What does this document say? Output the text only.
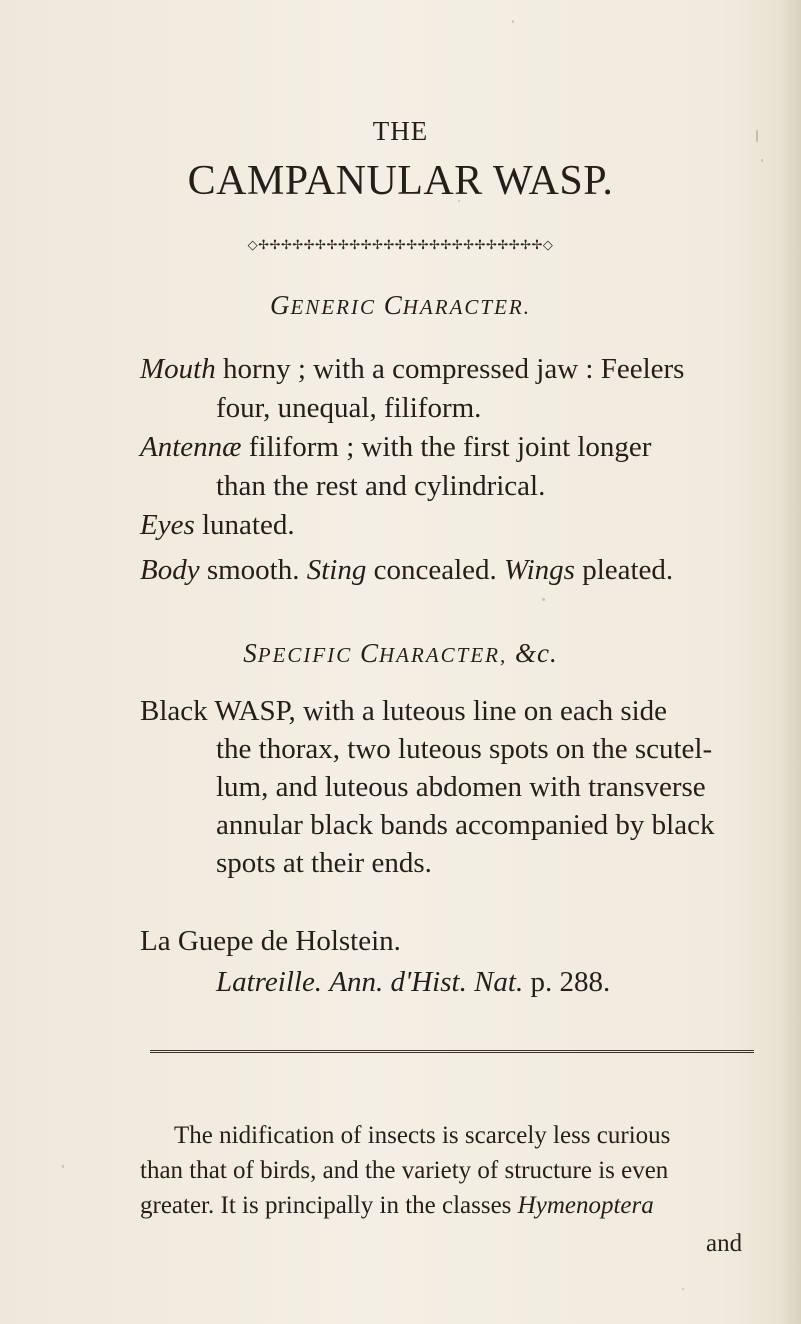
THE
CAMPANULAR WASP.
◇✢✢✢✢✢✢✢✢✢✢✢✢✢✢✢✢✢✢✢✢✢✢✢✢✢◇
GENERIC CHARACTER.
Mouth horny ; with a compressed jaw : Feelers
four, unequal, filiform.
Antennæ filiform ; with the first joint longer
than the rest and cylindrical.
Eyes lunated.
Body smooth. Sting concealed. Wings pleated.
SPECIFIC CHARACTER, &c.
Black WASP, with a luteous line on each side
the thorax, two luteous spots on the scutel-
lum, and luteous abdomen with transverse
annular black bands accompanied by black
spots at their ends.
La Guepe de Holstein.
Latreille. Ann. d'Hist. Nat. p. 288.
The nidification of insects is scarcely less curious
than that of birds, and the variety of structure is even
greater. It is principally in the classes Hymenoptera
and
